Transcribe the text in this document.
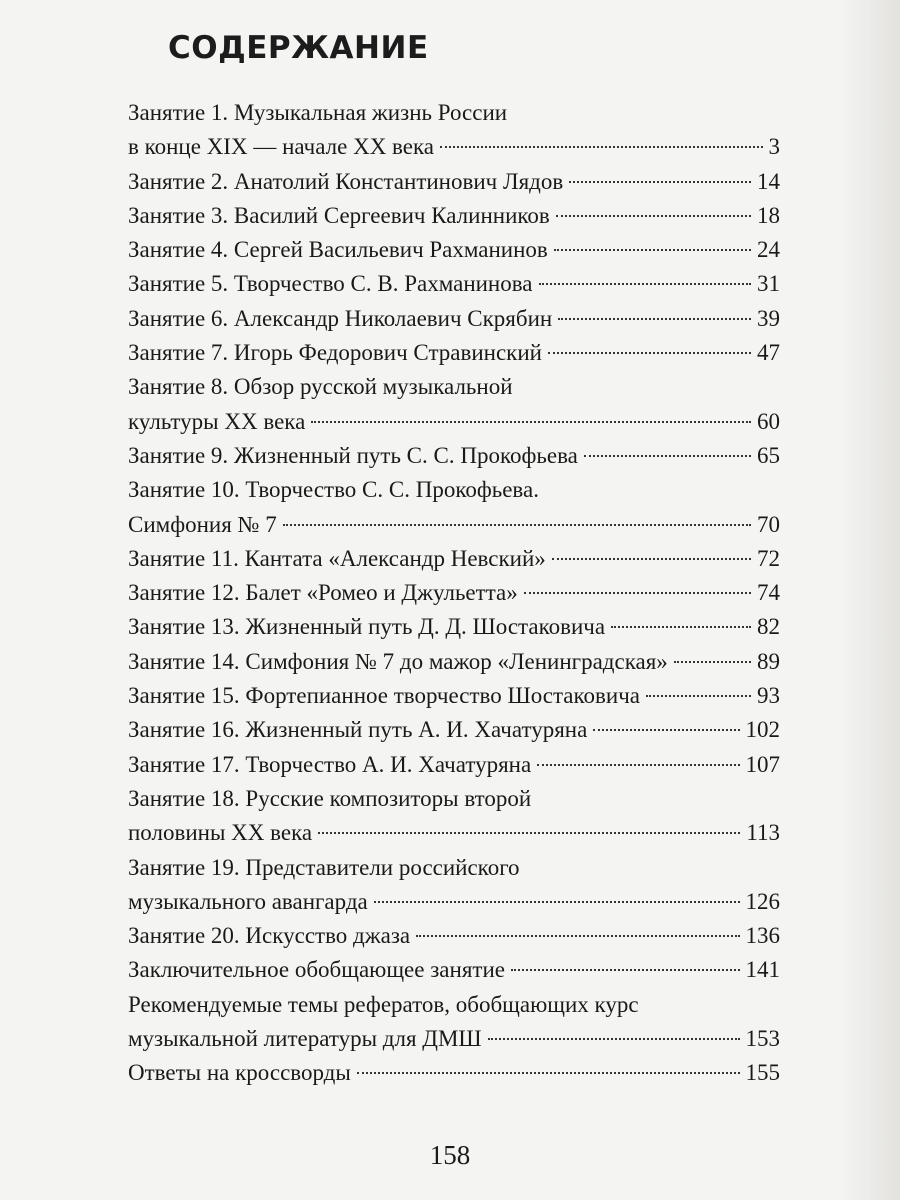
СОДЕРЖАНИЕ
Занятие 1. Музыкальная жизнь России
в конце XIX — начале XX века	3
Занятие 2. Анатолий Константинович Лядов	14
Занятие 3. Василий Сергеевич Калинников	18
Занятие 4. Сергей Васильевич Рахманинов	24
Занятие 5. Творчество С. В. Рахманинова	31
Занятие 6. Александр Николаевич Скрябин	39
Занятие 7. Игорь Федорович Стравинский	47
Занятие 8. Обзор русской музыкальной
культуры XX века	60
Занятие 9. Жизненный путь С. С. Прокофьева	65
Занятие 10. Творчество С. С. Прокофьева.
Симфония № 7	70
Занятие 11. Кантата «Александр Невский»	72
Занятие 12. Балет «Ромео и Джульетта»	74
Занятие 13. Жизненный путь Д. Д. Шостаковича	82
Занятие 14. Симфония № 7 до мажор «Ленинградская»	89
Занятие 15. Фортепианное творчество Шостаковича	93
Занятие 16. Жизненный путь А. И. Хачатуряна	102
Занятие 17. Творчество А. И. Хачатуряна	107
Занятие 18. Русские композиторы второй
половины XX века	113
Занятие 19. Представители российского
музыкального авангарда	126
Занятие 20. Искусство джаза	136
Заключительное обобщающее занятие	141
Рекомендуемые темы рефератов, обобщающих курс
музыкальной литературы для ДМШ	153
Ответы на кроссворды	155
158
